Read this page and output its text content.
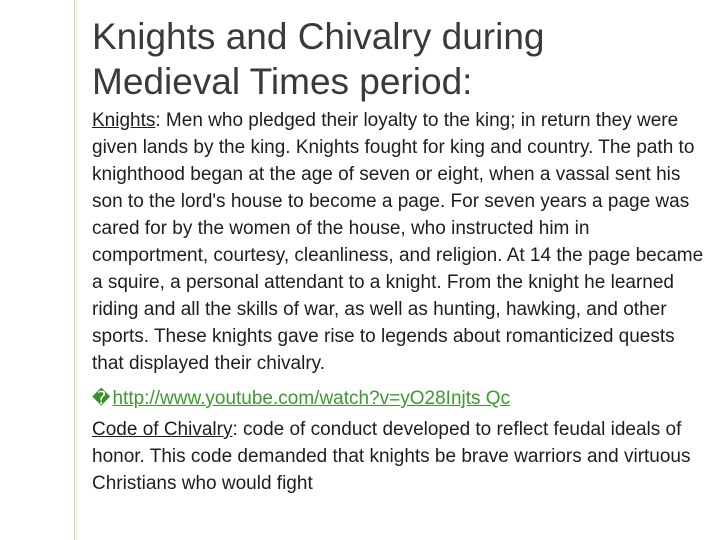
Knights and Chivalry during
Medieval Times period:

Knights: Men who pledged their loyalty to the king; in return they were given lands by the king. Knights fought for king and country. The path to knighthood began at the age of seven or eight, when a vassal sent his son to the lord's house to become a page. For seven years a page was cared for by the women of the house, who instructed him in comportment, courtesy, cleanliness, and religion. At 14 the page became a squire, a personal attendant to a knight. From the knight he learned riding and all the skills of war, as well as hunting, hawking, and other sports. These knights gave rise to legends about romanticized quests that displayed their chivalry.

� http://www.youtube.com/watch?v=yO28Injts Qc

Code of Chivalry: code of conduct developed to reflect feudal ideals of honor. This code demanded that knights be brave warriors and virtuous Christians who would fight
